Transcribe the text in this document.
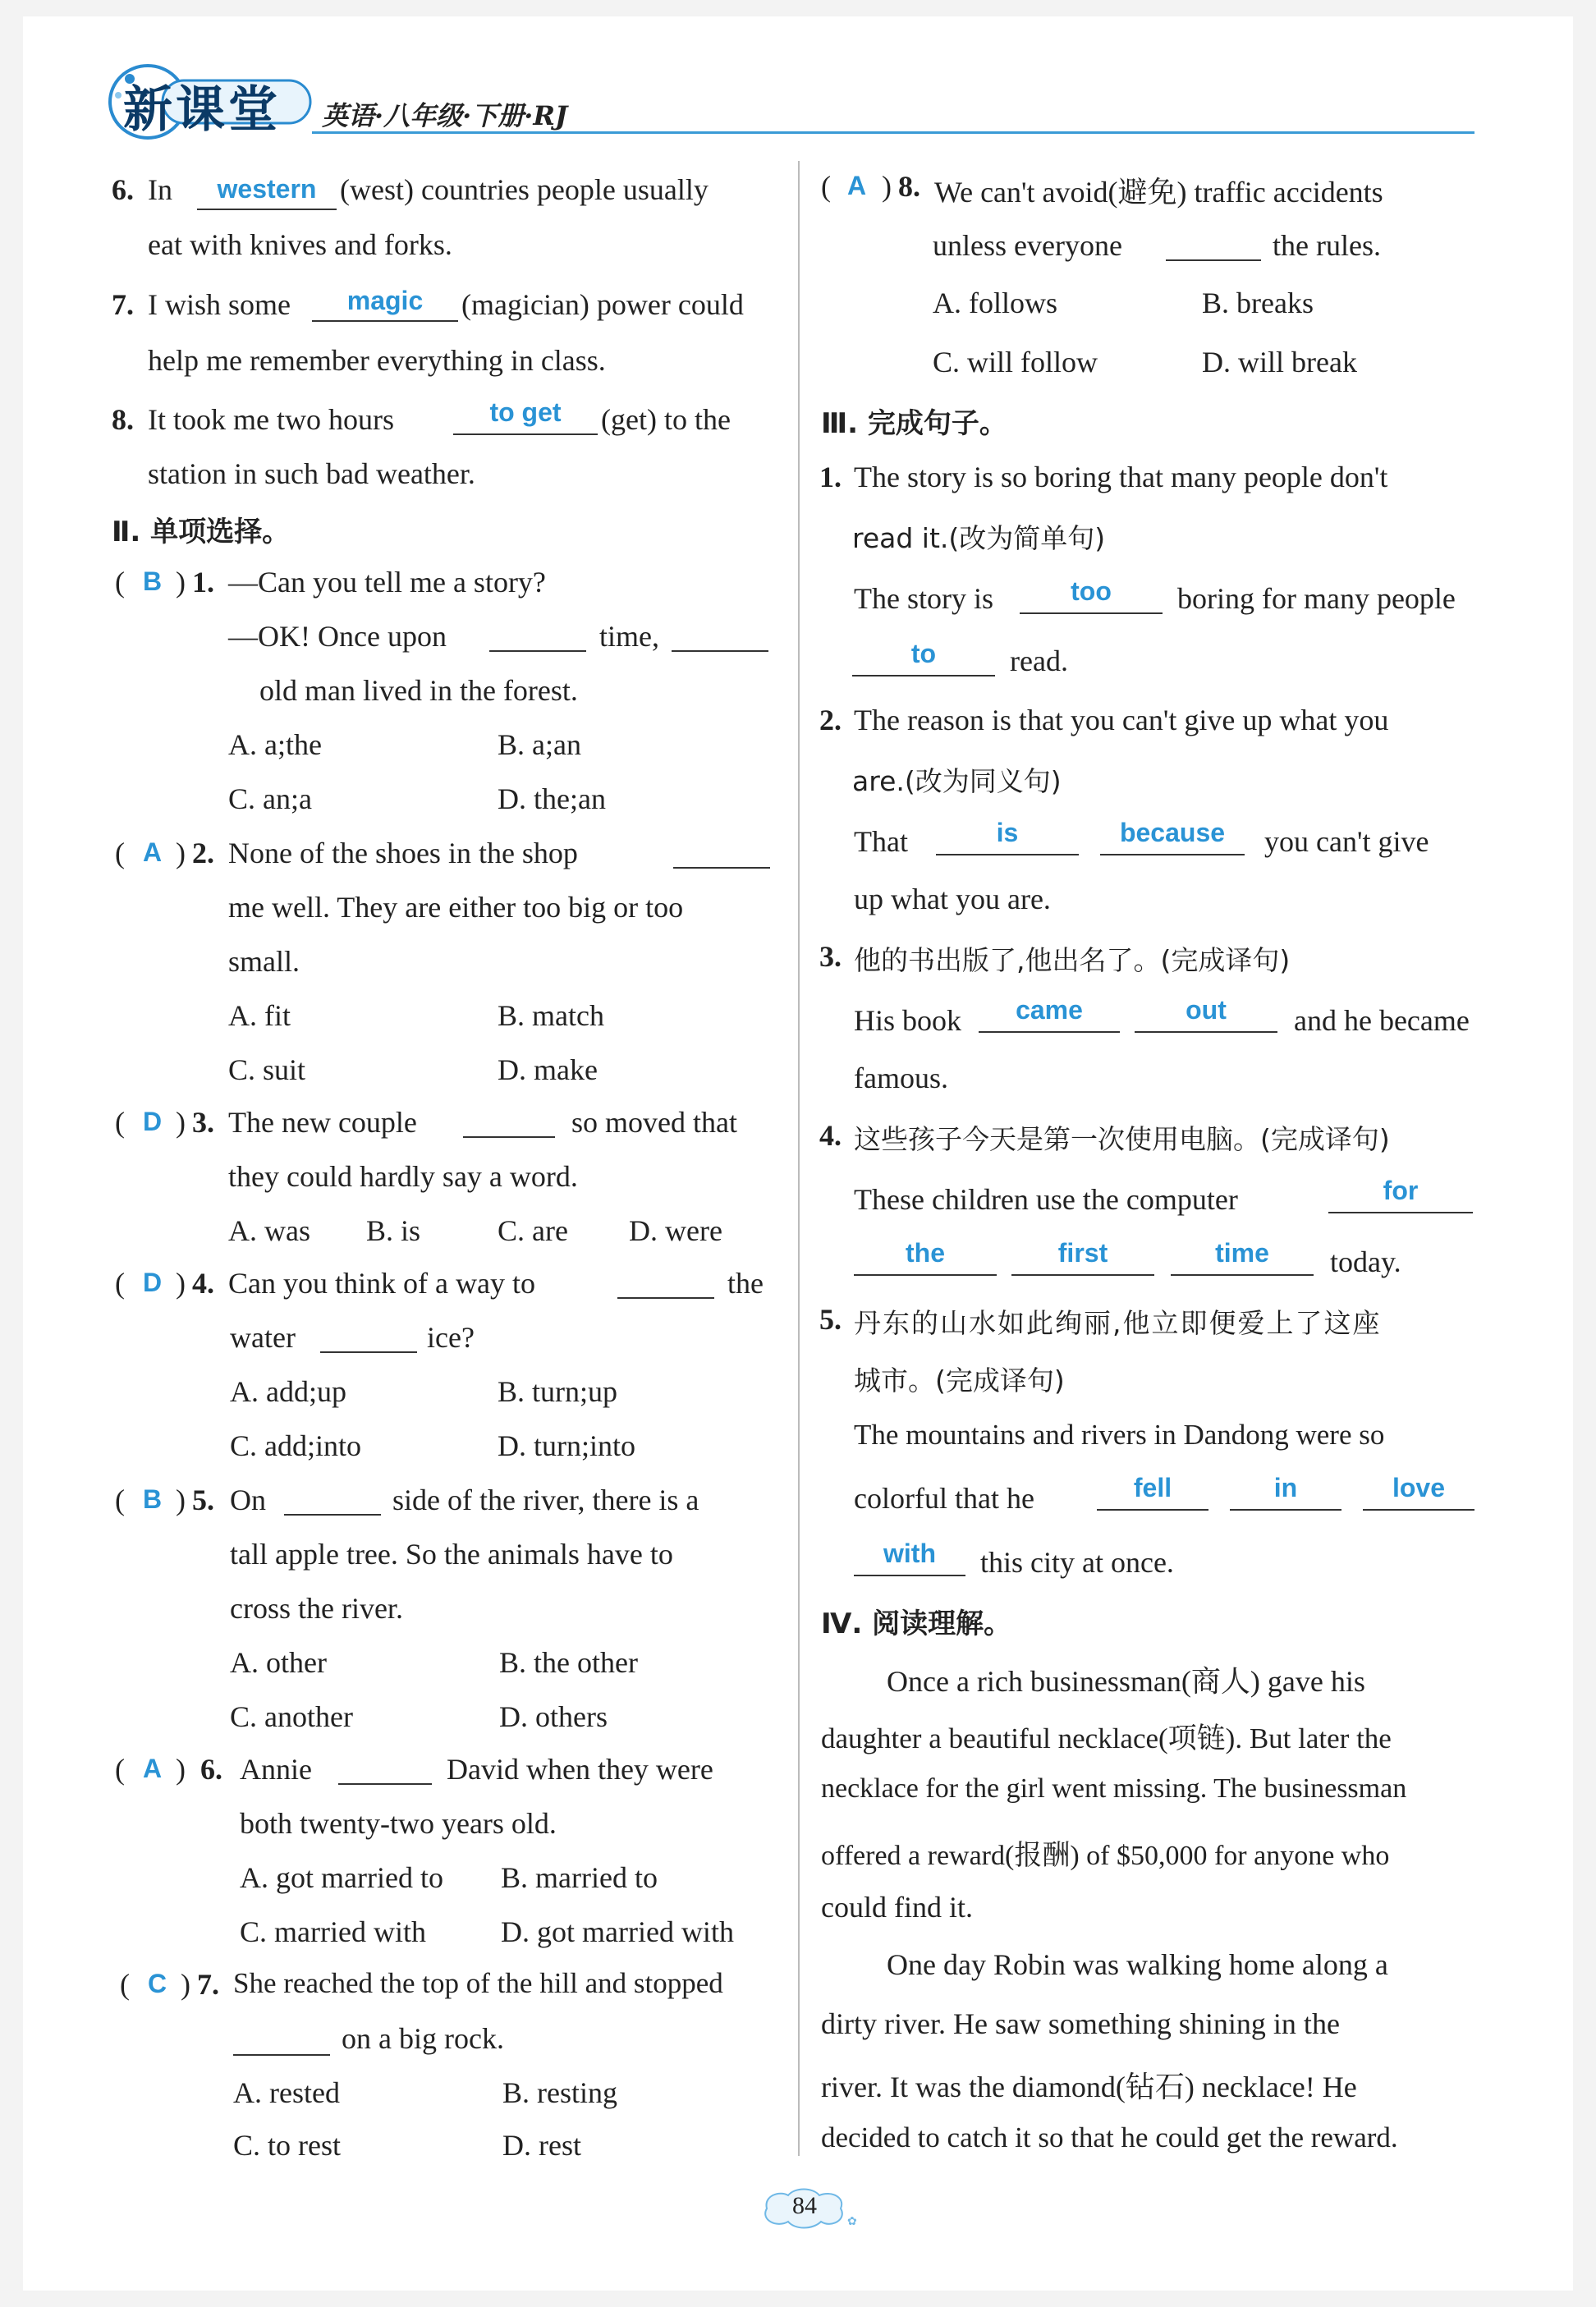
新课堂 英语·八年级·下册·RJ
6. In	western (west) countries people usually
eat with knives and forks.
7. I wish some	magic	(magician) power could
help me remember everything in class.
8. It took me two hours	to get	(get) to the
station in such bad weather.
Ⅱ. 单项选择。
( B ) 1. —Can you tell me a story?
—OK! Once upon	time,
old man lived in the forest.
A. a;the	B. a;an
C. an;a	D. the;an
( A ) 2. None of the shoes in the shop
me well. They are either too big or too
small.
A. fit	B. match
C. suit	D. make
( D ) 3. The new couple	so moved that
they could hardly say a word.
A. was B. is	C. are D. were
( D ) 4. Can you think of a way to	the
water	ice?
A. add;up	B. turn;up
C. add;into	D. turn;into
( B ) 5. On	side of the river, there is a
tall apple tree. So the animals have to
cross the river.
A. other	B. the other
C. another	D. others
( A ) 6. Annie	David when they were
both twenty-two years old.
A. got married to B. married to
C. married with	D. got married with
( C ) 7. She reached the top of the hill and stopped
on a big rock.
A. rested	B. resting
C. to rest	D. rest
( A ) 8. We can't avoid(避免) traffic accidents
unless everyone	the rules.
A. follows	B. breaks
C. will follow	D. will break
Ⅲ. 完成句子。
1. The story is so boring that many people don't
read it.(改为简单句)
The story is	too	boring for many people
to	read.
2. The reason is that you can't give up what you
are.(改为同义句)
That	is	because	you can't give
up what you are.
3. 他的书出版了,他出名了。(完成译句)
His book	came	out	and he became
famous.
4. 这些孩子今天是第一次使用电脑。(完成译句)
These children use the computer	for
the	first	time	today.
5. 丹东的山水如此绚丽,他立即便爱上了这座
城市。(完成译句)
The mountains and rivers in Dandong were so
colorful that he	fell	in	love
with	this city at once.
Ⅳ. 阅读理解。
Once a rich businessman(商人) gave his
daughter a beautiful necklace(项链). But later the
necklace for the girl went missing. The businessman
offered a reward(报酬) of $50,000 for anyone who
could find it.
One day Robin was walking home along a
dirty river. He saw something shining in the
river. It was the diamond(钻石) necklace! He
decided to catch it so that he could get the reward.
✿
84
